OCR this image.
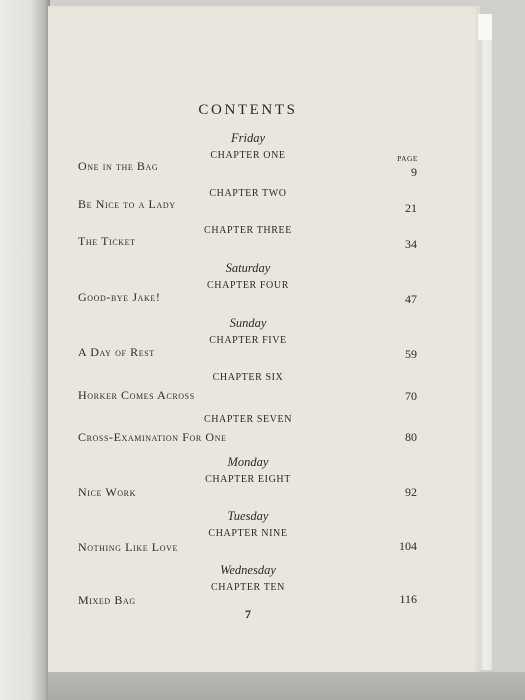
CONTENTS
PAGE
Friday
CHAPTER ONE
One in the Bag	9
CHAPTER TWO
Be Nice to a Lady	21
CHAPTER THREE
The Ticket	34
Saturday
CHAPTER FOUR
Good-bye Jake!	47
Sunday
CHAPTER FIVE
A Day of Rest	59
CHAPTER SIX
Horker Comes Across	70
CHAPTER SEVEN
Cross-Examination For One	80
Monday
CHAPTER EIGHT
Nice Work	92
Tuesday
CHAPTER NINE
Nothing Like Love	104
Wednesday
CHAPTER TEN
Mixed Bag	116
7
